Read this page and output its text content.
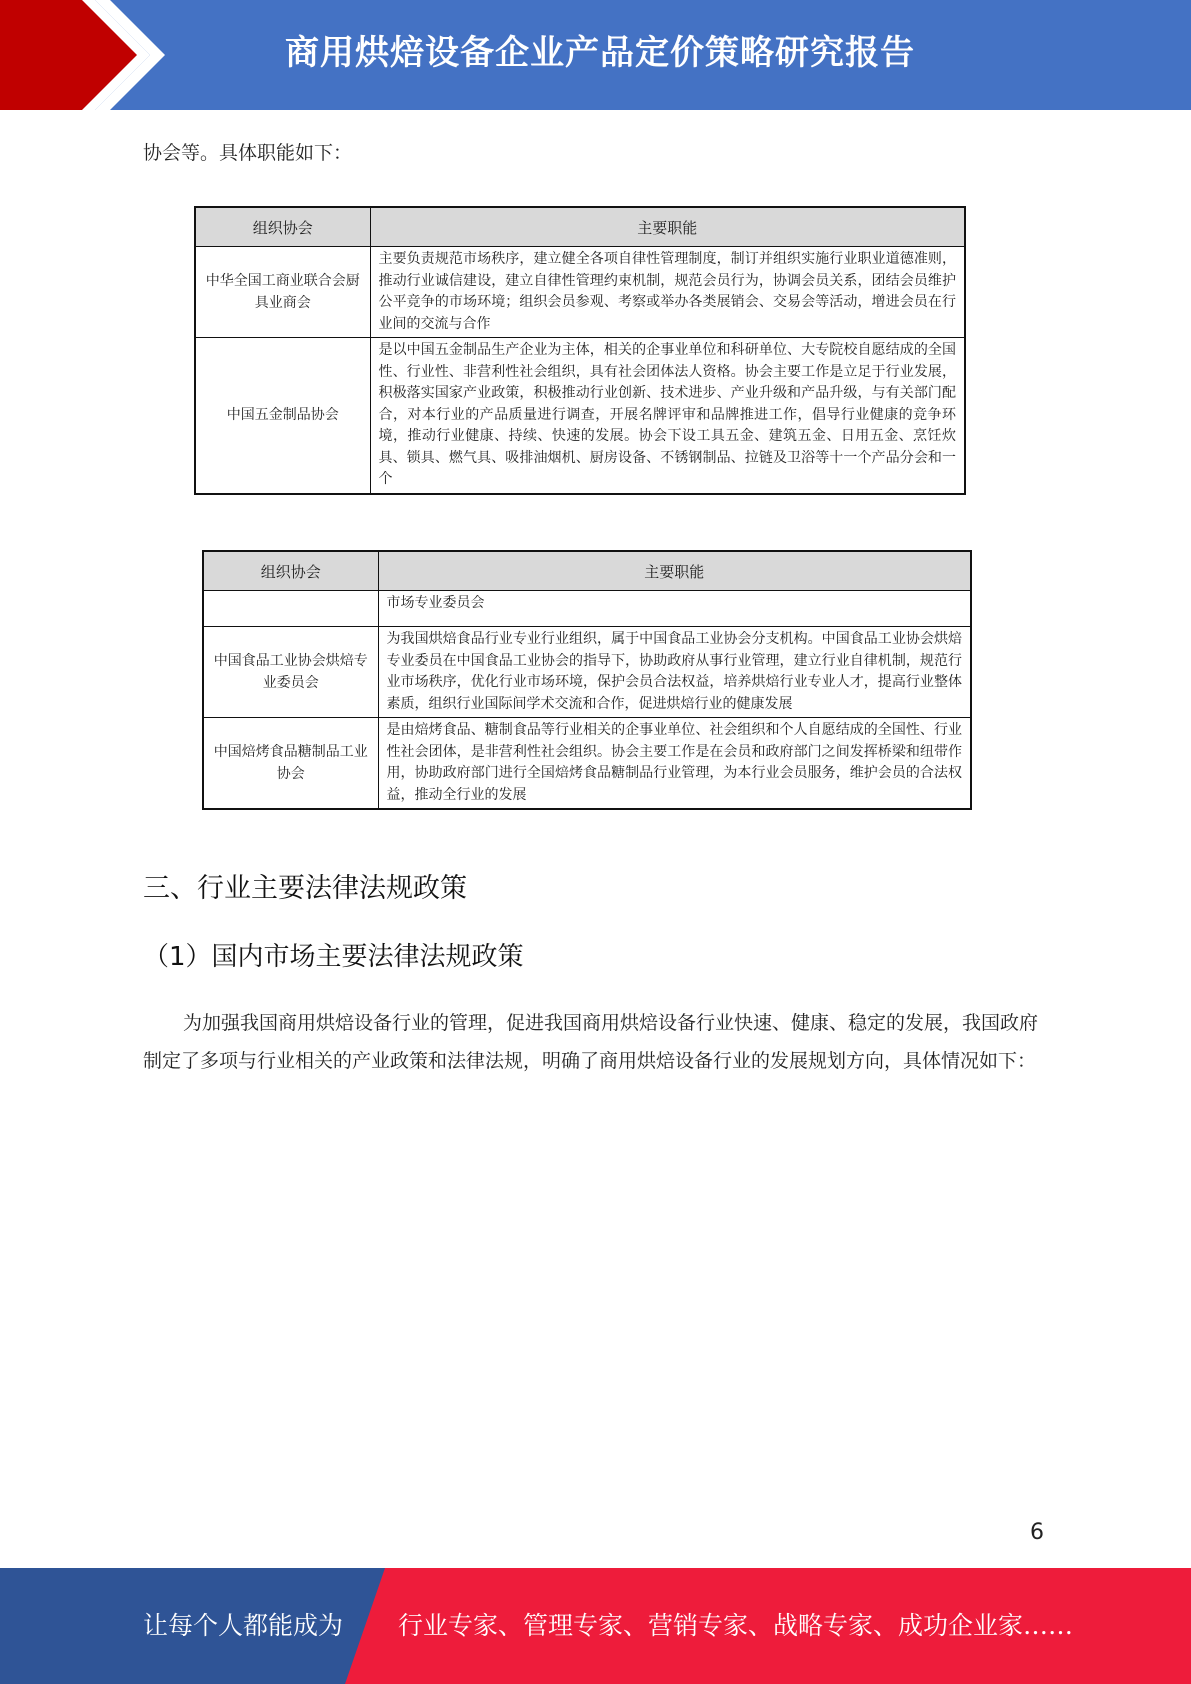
商用烘焙设备企业产品定价策略研究报告
协会等。具体职能如下：
组织协会	主要职能
中华全国工商业联合会厨具业商会	主要负责规范市场秩序，建立健全各项自律性管理制度，制订并组织实施行业职业道德准则，推动行业诚信建设，建立自律性管理约束机制，规范会员行为，协调会员关系，团结会员维护公平竞争的市场环境；组织会员参观、考察或举办各类展销会、交易会等活动，增进会员在行业间的交流与合作
中国五金制品协会	是以中国五金制品生产企业为主体，相关的企事业单位和科研单位、大专院校自愿结成的全国性、行业性、非营利性社会组织，具有社会团体法人资格。协会主要工作是立足于行业发展，积极落实国家产业政策，积极推动行业创新、技术进步、产业升级和产品升级，与有关部门配合，对本行业的产品质量进行调查，开展名牌评审和品牌推进工作，倡导行业健康的竞争环境，推动行业健康、持续、快速的发展。协会下设工具五金、建筑五金、日用五金、烹饪炊具、锁具、燃气具、吸排油烟机、厨房设备、不锈钢制品、拉链及卫浴等十一个产品分会和一个
组织协会	主要职能
	市场专业委员会
中国食品工业协会烘焙专业委员会	为我国烘焙食品行业专业行业组织，属于中国食品工业协会分支机构。中国食品工业协会烘焙专业委员在中国食品工业协会的指导下，协助政府从事行业管理，建立行业自律机制，规范行业市场秩序，优化行业市场环境，保护会员合法权益，培养烘焙行业专业人才，提高行业整体素质，组织行业国际间学术交流和合作，促进烘焙行业的健康发展
中国焙烤食品糖制品工业协会	是由焙烤食品、糖制食品等行业相关的企事业单位、社会组织和个人自愿结成的全国性、行业性社会团体，是非营利性社会组织。协会主要工作是在会员和政府部门之间发挥桥梁和纽带作用，协助政府部门进行全国焙烤食品糖制品行业管理，为本行业会员服务，维护会员的合法权益，推动全行业的发展
三、行业主要法律法规政策
（1）国内市场主要法律法规政策
为加强我国商用烘焙设备行业的管理，促进我国商用烘焙设备行业快速、健康、稳定的发展，我国政府制定了多项与行业相关的产业政策和法律法规，明确了商用烘焙设备行业的发展规划方向，具体情况如下：
6
让每个人都能成为 行业专家、管理专家、营销专家、战略专家、成功企业家……
